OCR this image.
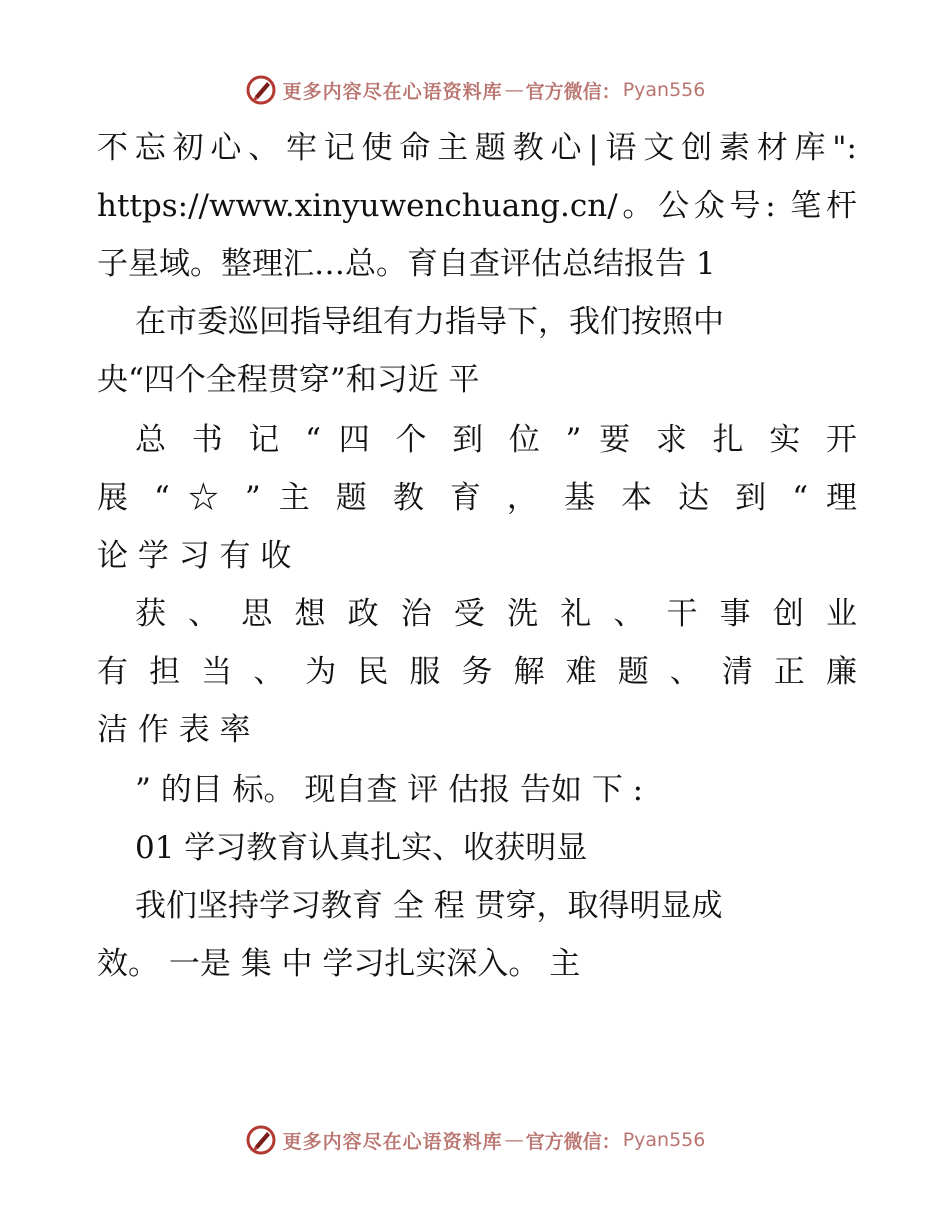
更多内容尽在心语资料库 — 官方微信： Pyan556
不忘初心、牢记使命主题教心|语文创素材库":
https://www.xinyuwenchuang.cn/。公众号: 笔杆
子星域。整理汇…总。育自查评估总结报告 1
在市委巡回指导组有力指导下，我们按照中
央“四个全程贯穿”和习近 平
总 书 记 “ 四 个 到 位 ” 要 求 扎 实 开
展 “ ☆ ” 主 题 教 育 ， 基 本 达 到 “ 理
论 学 习 有 收
获 、 思 想 政 治 受 洗 礼 、 干 事 创 业
有 担 当 、 为 民 服 务 解 难 题 、 清 正 廉
洁 作 表 率
” 的目 标。 现自查 评 估报 告如 下 :
01 学习教育认真扎实、收获明显
我们坚持学习教育 全 程 贯穿，取得明显成
效。 一是 集 中 学习扎实深入。 主
更多内容尽在心语资料库 — 官方微信： Pyan556
